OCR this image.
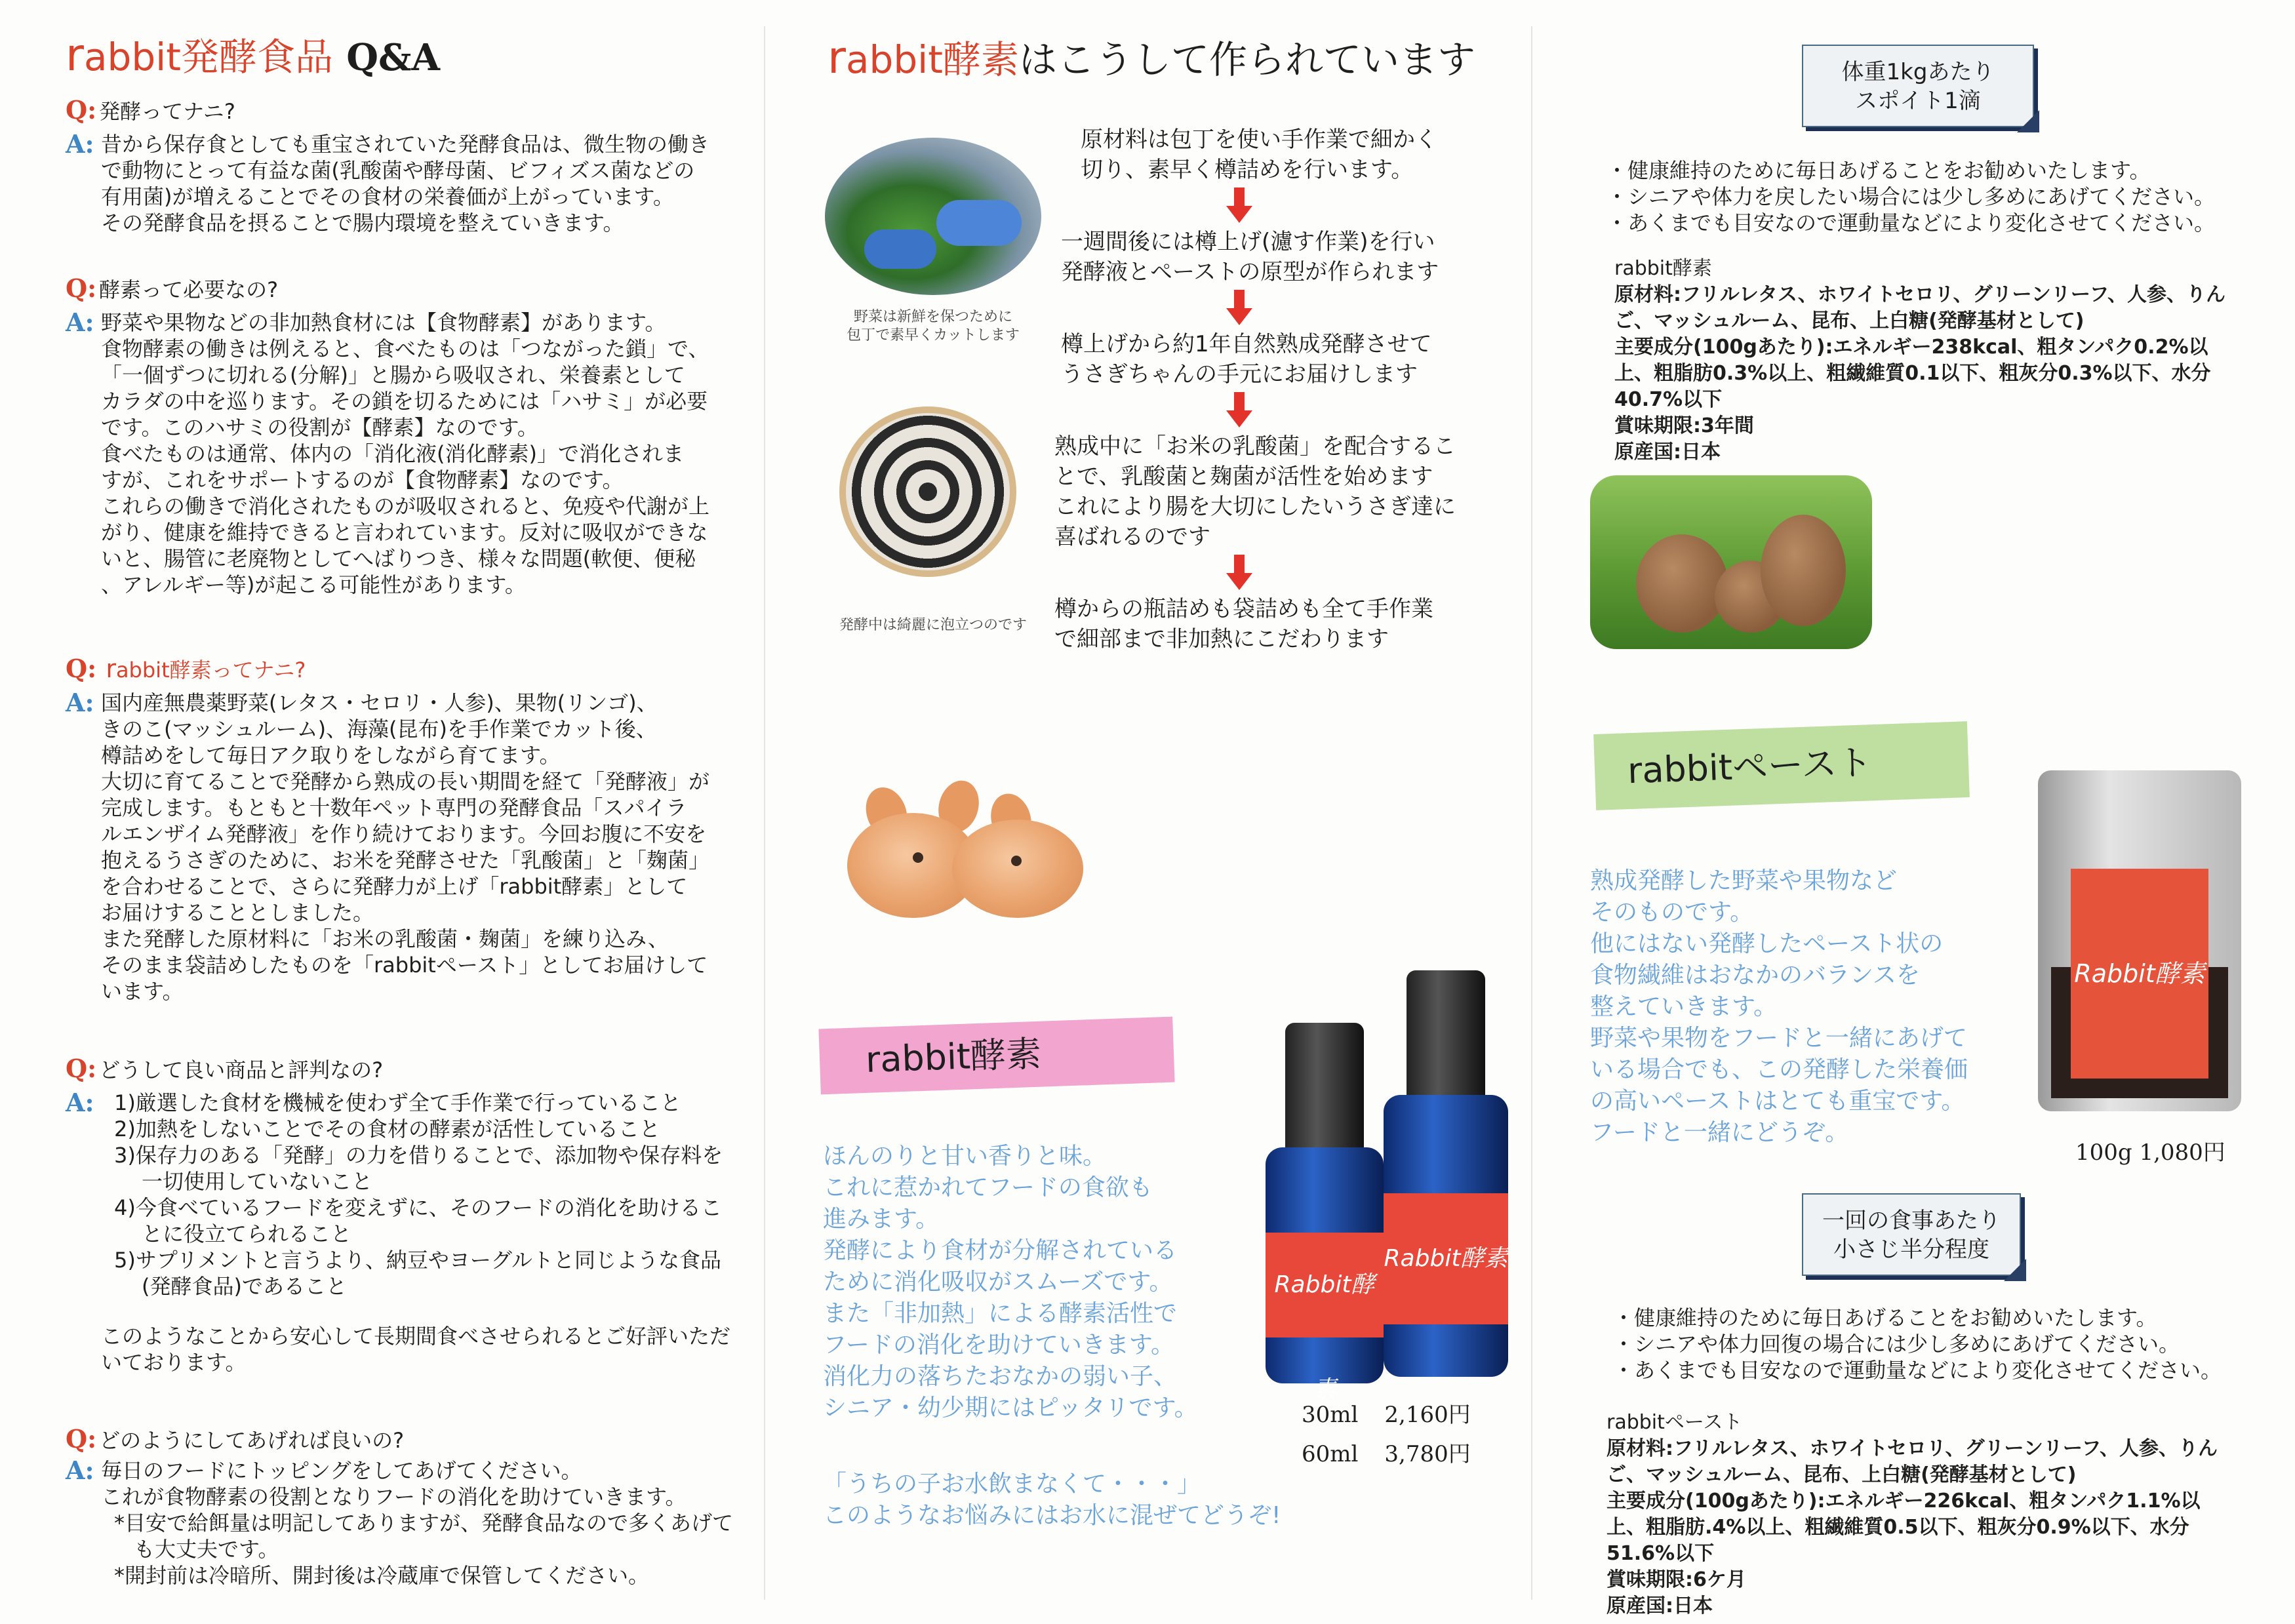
rabbit発酵食品 Q&A
Q: 発酵ってナニ?
A: 昔から保存食としても重宝されていた発酵食品は、微生物の働き

で動物にとって有益な菌(乳酸菌や酵母菌、ビフィズス菌などの

有用菌)が増えることでその食材の栄養価が上がっています。

その発酵食品を摂ることで腸内環境を整えていきます。

Q: 酵素って必要なの?
A: 野菜や果物などの非加熱食材には【食物酵素】があります。

食物酵素の働きは例えると、食べたものは「つながった鎖」で、

「一個ずつに切れる(分解)」と腸から吸収され、栄養素として

カラダの中を巡ります。その鎖を切るためには「ハサミ」が必要

です。このハサミの役割が【酵素】なのです。

食べたものは通常、体内の「消化液(消化酵素)」で消化されま

すが、これをサポートするのが【食物酵素】なのです。

これらの働きで消化されたものが吸収されると、免疫や代謝が上

がり、健康を維持できると言われています。反対に吸収ができな

いと、腸管に老廃物としてへばりつき、様々な問題(軟便、便秘

、アレルギー等)が起こる可能性があります。

Q: rabbit酵素ってナニ?
A: 国内産無農薬野菜(レタス・セロリ・人参)、果物(リンゴ)、

きのこ(マッシュルーム)、海藻(昆布)を手作業でカット後、

樽詰めをして毎日アク取りをしながら育てます。

大切に育てることで発酵から熟成の長い期間を経て「発酵液」が

完成します。もともと十数年ペット専門の発酵食品「スパイラ

ルエンザイム発酵液」を作り続けております。今回お腹に不安を

抱えるうさぎのために、お米を発酵させた「乳酸菌」と「麹菌」

を合わせることで、さらに発酵力が上げ「rabbit酵素」として

お届けすることとしました。

また発酵した原材料に「お米の乳酸菌・麹菌」を練り込み、

そのまま袋詰めしたものを「rabbitペースト」としてお届けして

います。

Q: どうして良い商品と評判なの?
A: 1)厳選した食材を機械を使わず全て手作業で行っていること
2)加熱をしないことでその食材の酵素が活性していること
3)保存力のある「発酵」の力を借りることで、添加物や保存料を一切使用していないこと
4)今食べているフードを変えずに、そのフードの消化を助けることに役立てられること
5)サプリメントと言うより、納豆やヨーグルトと同じような食品(発酵食品)であること

このようなことから安心して長期間食べさせられるとご好評いただいております。

Q: どのようにしてあげれば良いの?
A: 毎日のフードにトッピングをしてあげてください。

これが食物酵素の役割となりフードの消化を助けていきます。

*目安で給餌量は明記してありますが、発酵食品なので多くあげても大丈夫です。

*開封前は冷暗所、開封後は冷蔵庫で保管してください。

rabbit酵素はこうして作られています
野菜は新鮮を保つために
包丁で素早くカットします
発酵中は綺麗に泡立つのです

原材料は包丁を使い手作業で細かく

切り、素早く樽詰めを行います。

一週間後には樽上げ(濾す作業)を行い

発酵液とペーストの原型が作られます

樽上げから約1年自然熟成発酵させて

うさぎちゃんの手元にお届けします

熟成中に「お米の乳酸菌」を配合することで、乳酸菌と麹菌が活性を始めます

これにより腸を大切にしたいうさぎ達に喜ばれるのです

樽からの瓶詰めも袋詰めも全て手作業

で細部まで非加熱にこだわります

rabbit酵素

ほんのりと甘い香りと味。

これに惹かれてフードの食欲も

進みます。

発酵により食材が分解されている

ために消化吸収がスムーズです。

また「非加熱」による酵素活性で

フードの消化を助けていきます。

消化力の落ちたおなかの弱い子、

シニア・幼少期にはピッタリです。

Rabbit酵素
Rabbit酵素
30ml 2,160円
60ml 3,780円

「うちの子お水飲まなくて・・・」

このようなお悩みにはお水に混ぜてどうぞ!

体重1kgあたり
スポイト1滴

・健康維持のために毎日あげることをお勧めいたします。

・シニアや体力を戻したい場合には少し多めにあげてください。

・あくまでも目安なので運動量などにより変化させてください。

rabbit酵素

原材料:フリルレタス、ホワイトセロリ、グリーンリーフ、人参、りんご、マッシュルーム、昆布、上白糖(発酵基材として)

主要成分(100gあたり):エネルギー238kcal、粗タンパク0.2%以上、粗脂肪0.3%以上、粗繊維質0.1以下、粗灰分0.3%以下、水分40.7%以下

賞味期限:3年間

原産国:日本

rabbitペースト

熟成発酵した野菜や果物など

そのものです。

他にはない発酵したペースト状の

食物繊維はおなかのバランスを

整えていきます。

野菜や果物をフードと一緒にあげて

いる場合でも、この発酵した栄養価

の高いペーストはとても重宝です。

フードと一緒にどうぞ。

Rabbit酵素
100g 1,080円
一回の食事あたり
小さじ半分程度

・健康維持のために毎日あげることをお勧めいたします。

・シニアや体力回復の場合には少し多めにあげてください。

・あくまでも目安なので運動量などにより変化させてください。

rabbitペースト

原材料:フリルレタス、ホワイトセロリ、グリーンリーフ、人参、りんご、マッシュルーム、昆布、上白糖(発酵基材として)

主要成分(100gあたり):エネルギー226kcal、粗タンパク1.1%以上、粗脂肪.4%以上、粗繊維質0.5以下、粗灰分0.9%以下、水分51.6%以下

賞味期限:6ケ月

原産国:日本
